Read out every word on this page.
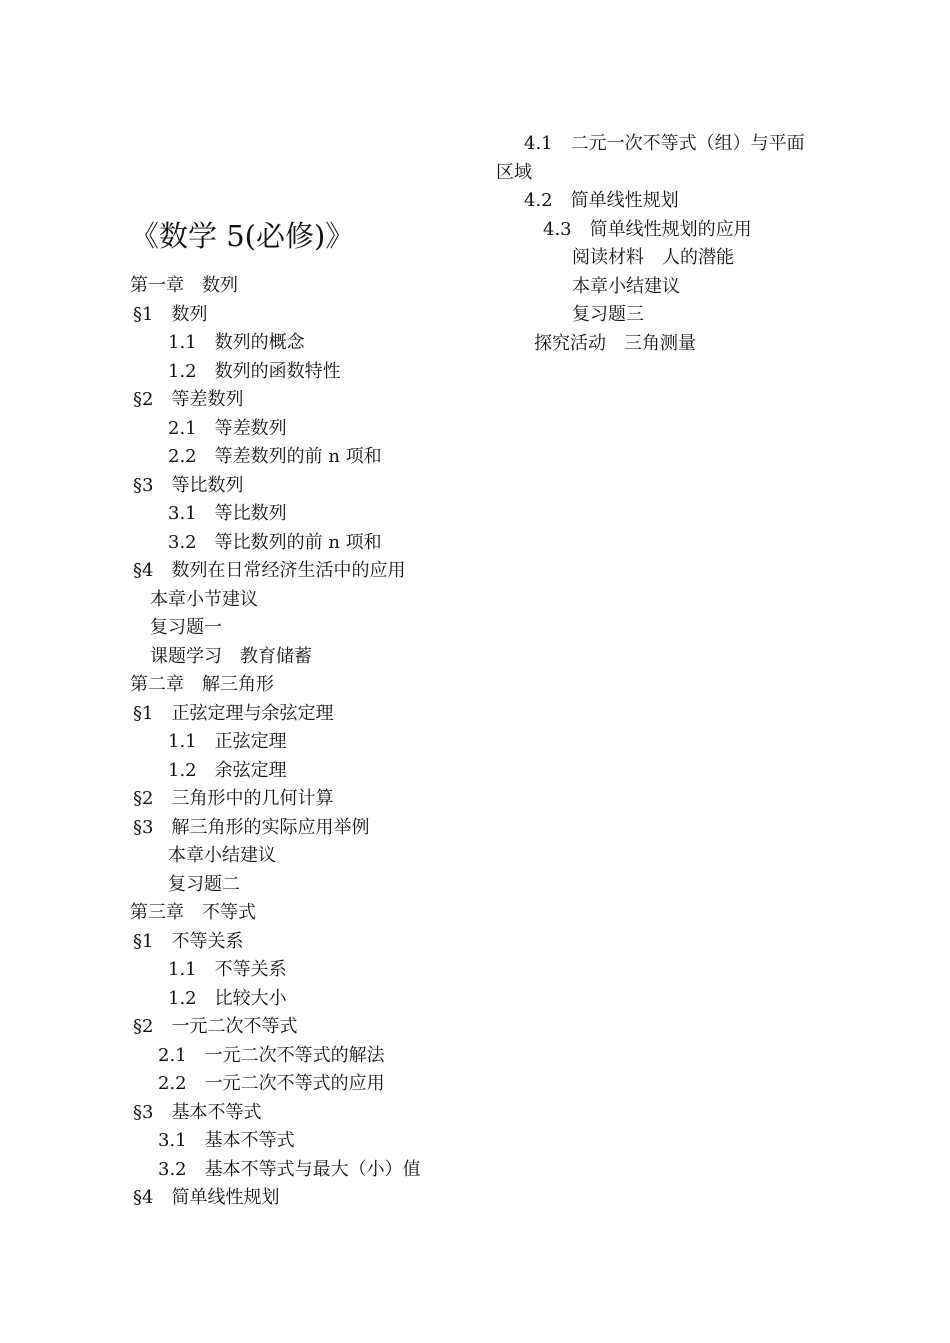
《数学 5(必修)》
第一章　数列
§1　数列
1.1　数列的概念
1.2　数列的函数特性
§2　等差数列
2.1　等差数列
2.2　等差数列的前 n 项和
§3　等比数列
3.1　等比数列
3.2　等比数列的前 n 项和
§4　数列在日常经济生活中的应用
本章小节建议
复习题一
课题学习　教育储蓄
第二章　解三角形
§1　正弦定理与余弦定理
1.1　正弦定理
1.2　余弦定理
§2　三角形中的几何计算
§3　解三角形的实际应用举例
本章小结建议
复习题二
第三章　不等式
§1　不等关系
1.1　不等关系
1.2　比较大小
§2　一元二次不等式
2.1　一元二次不等式的解法
2.2　一元二次不等式的应用
§3　基本不等式
3.1　基本不等式
3.2　基本不等式与最大（小）值
§4　简单线性规划
4.1　二元一次不等式（组）与平面
区域
4.2　简单线性规划
4.3　简单线性规划的应用
阅读材料　人的潜能
本章小结建议
复习题三
探究活动　三角测量
